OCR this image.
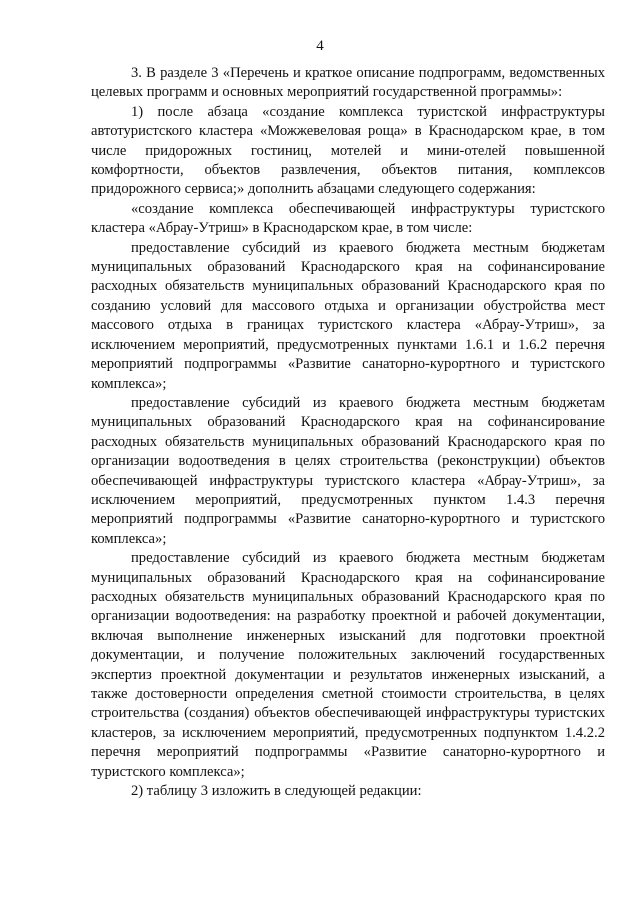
4

3. В разделе 3 «Перечень и краткое описание подпрограмм, ведомственных целевых программ и основных мероприятий государственной программы»:

1) после абзаца «создание комплекса туристской инфраструктуры автотуристского кластера «Можжевеловая роща» в Краснодарском крае, в том числе придорожных гостиниц, мотелей и мини-отелей повышенной комфортности, объектов развлечения, объектов питания, комплексов придорожного сервиса;» дополнить абзацами следующего содержания:

«создание комплекса обеспечивающей инфраструктуры туристского кластера «Абрау-Утриш» в Краснодарском крае, в том числе:

предоставление субсидий из краевого бюджета местным бюджетам муниципальных образований Краснодарского края на софинансирование расходных обязательств муниципальных образований Краснодарского края по созданию условий для массового отдыха и организации обустройства мест массового отдыха в границах туристского кластера «Абрау-Утриш», за исключением мероприятий, предусмотренных пунктами 1.6.1 и 1.6.2 перечня мероприятий подпрограммы «Развитие санаторно-курортного и туристского комплекса»;

предоставление субсидий из краевого бюджета местным бюджетам муниципальных образований Краснодарского края на софинансирование расходных обязательств муниципальных образований Краснодарского края по организации водоотведения в целях строительства (реконструкции) объектов обеспечивающей инфраструктуры туристского кластера «Абрау-Утриш», за исключением мероприятий, предусмотренных пунктом 1.4.3 перечня мероприятий подпрограммы «Развитие санаторно-курортного и туристского комплекса»;

предоставление субсидий из краевого бюджета местным бюджетам муниципальных образований Краснодарского края на софинансирование расходных обязательств муниципальных образований Краснодарского края по организации водоотведения: на разработку проектной и рабочей документации, включая выполнение инженерных изысканий для подготовки проектной документации, и получение положительных заключений государственных экспертиз проектной документации и результатов инженерных изысканий, а также достоверности определения сметной стоимости строительства, в целях строительства (создания) объектов обеспечивающей инфраструктуры туристских кластеров, за исключением мероприятий, предусмотренных подпунктом 1.4.2.2 перечня мероприятий подпрограммы «Развитие санаторно-курортного и туристского комплекса»;

2) таблицу 3 изложить в следующей редакции:
